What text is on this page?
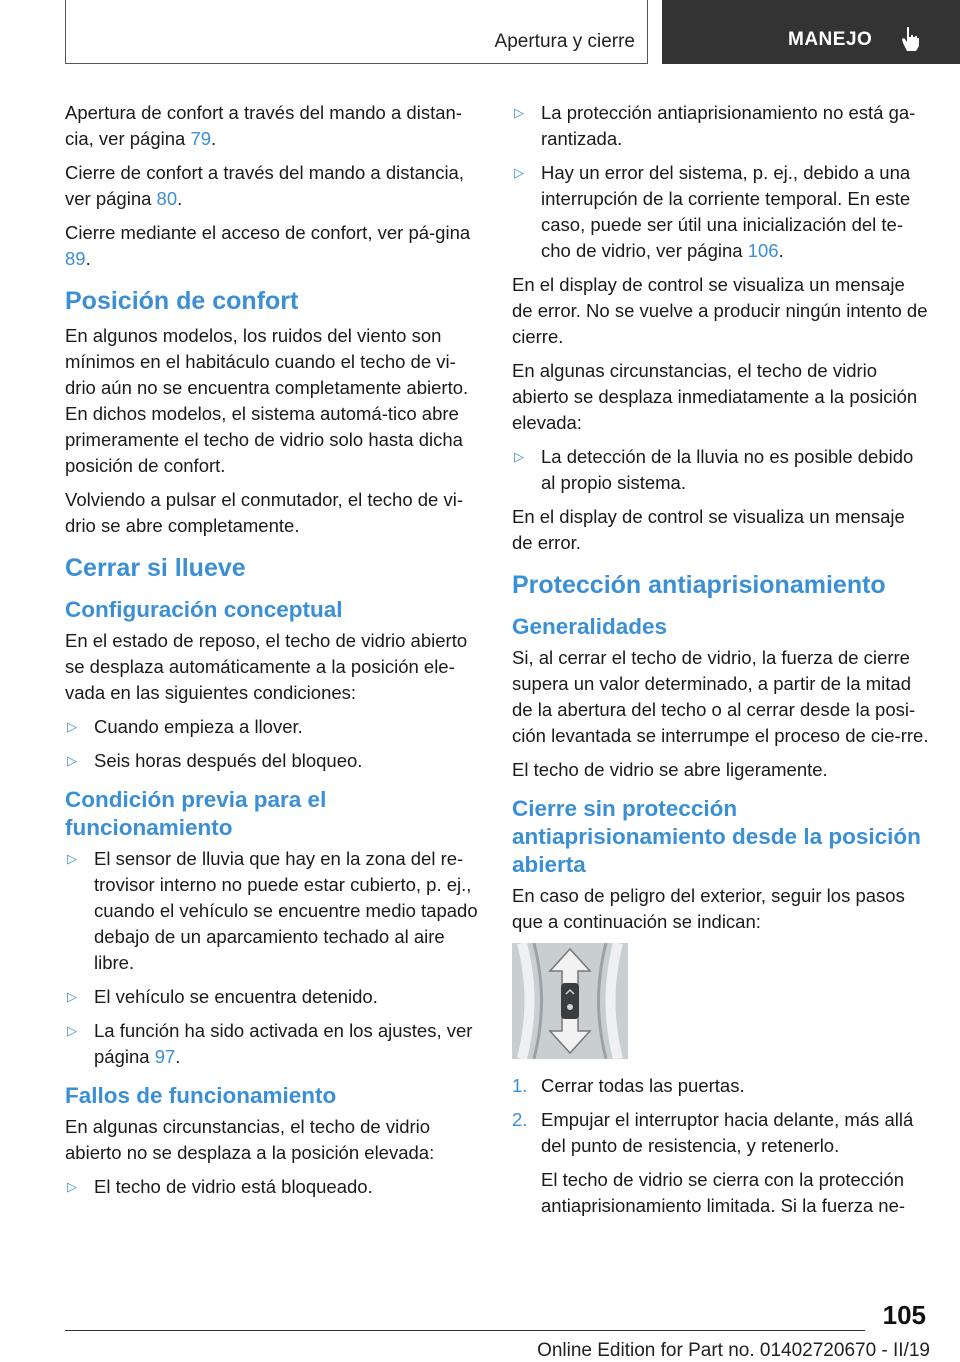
Apertura y cierre	MANEJO

Apertura de confort a través del mando a distan‐cia, ver página 79.

Cierre de confort a través del mando a distancia, ver página 80.

Cierre mediante el acceso de confort, ver pá‐gina 89.

Posición de confort

En algunos modelos, los ruidos del viento son mínimos en el habitáculo cuando el techo de vi‐drio aún no se encuentra completamente abierto. En dichos modelos, el sistema automá‐tico abre primeramente el techo de vidrio solo hasta dicha posición de confort.

Volviendo a pulsar el conmutador, el techo de vi‐drio se abre completamente.

Cerrar si llueve
Configuración conceptual

En el estado de reposo, el techo de vidrio abierto se desplaza automáticamente a la posición ele‐vada en las siguientes condiciones:

▷ Cuando empieza a llover.
▷ Seis horas después del bloqueo.
Condición previa para el funcionamiento
▷ El sensor de lluvia que hay en la zona del re‐trovisor interno no puede estar cubierto, p. ej., cuando el vehículo se encuentre medio tapado debajo de un aparcamiento techado al aire libre.
▷ El vehículo se encuentra detenido.
▷ La función ha sido activada en los ajustes, ver página 97.
Fallos de funcionamiento

En algunas circunstancias, el techo de vidrio abierto no se desplaza a la posición elevada:

▷ El techo de vidrio está bloqueado.
▷ La protección antiaprisionamiento no está ga‐rantizada.
▷ Hay un error del sistema, p. ej., debido a una interrupción de la corriente temporal. En este caso, puede ser útil una inicialización del te‐cho de vidrio, ver página 106.

En el display de control se visualiza un mensaje de error. No se vuelve a producir ningún intento de cierre.

En algunas circunstancias, el techo de vidrio abierto se desplaza inmediatamente a la posición elevada:

▷ La detección de la lluvia no es posible debido al propio sistema.

En el display de control se visualiza un mensaje de error.

Protección antiaprisionamiento
Generalidades

Si, al cerrar el techo de vidrio, la fuerza de cierre supera un valor determinado, a partir de la mitad de la abertura del techo o al cerrar desde la posi‐ción levantada se interrumpe el proceso de cie‐rre.

El techo de vidrio se abre ligeramente.

Cierre sin protección antiaprisionamiento desde la posición abierta

En caso de peligro del exterior, seguir los pasos que a continuación se indican:

1. Cerrar todas las puertas.
2. Empujar el interruptor hacia delante, más allá del punto de resistencia, y retenerlo.

El techo de vidrio se cierra con la protección antiaprisionamiento limitada. Si la fuerza ne‐

105
Online Edition for Part no. 01402720670 - II/19
